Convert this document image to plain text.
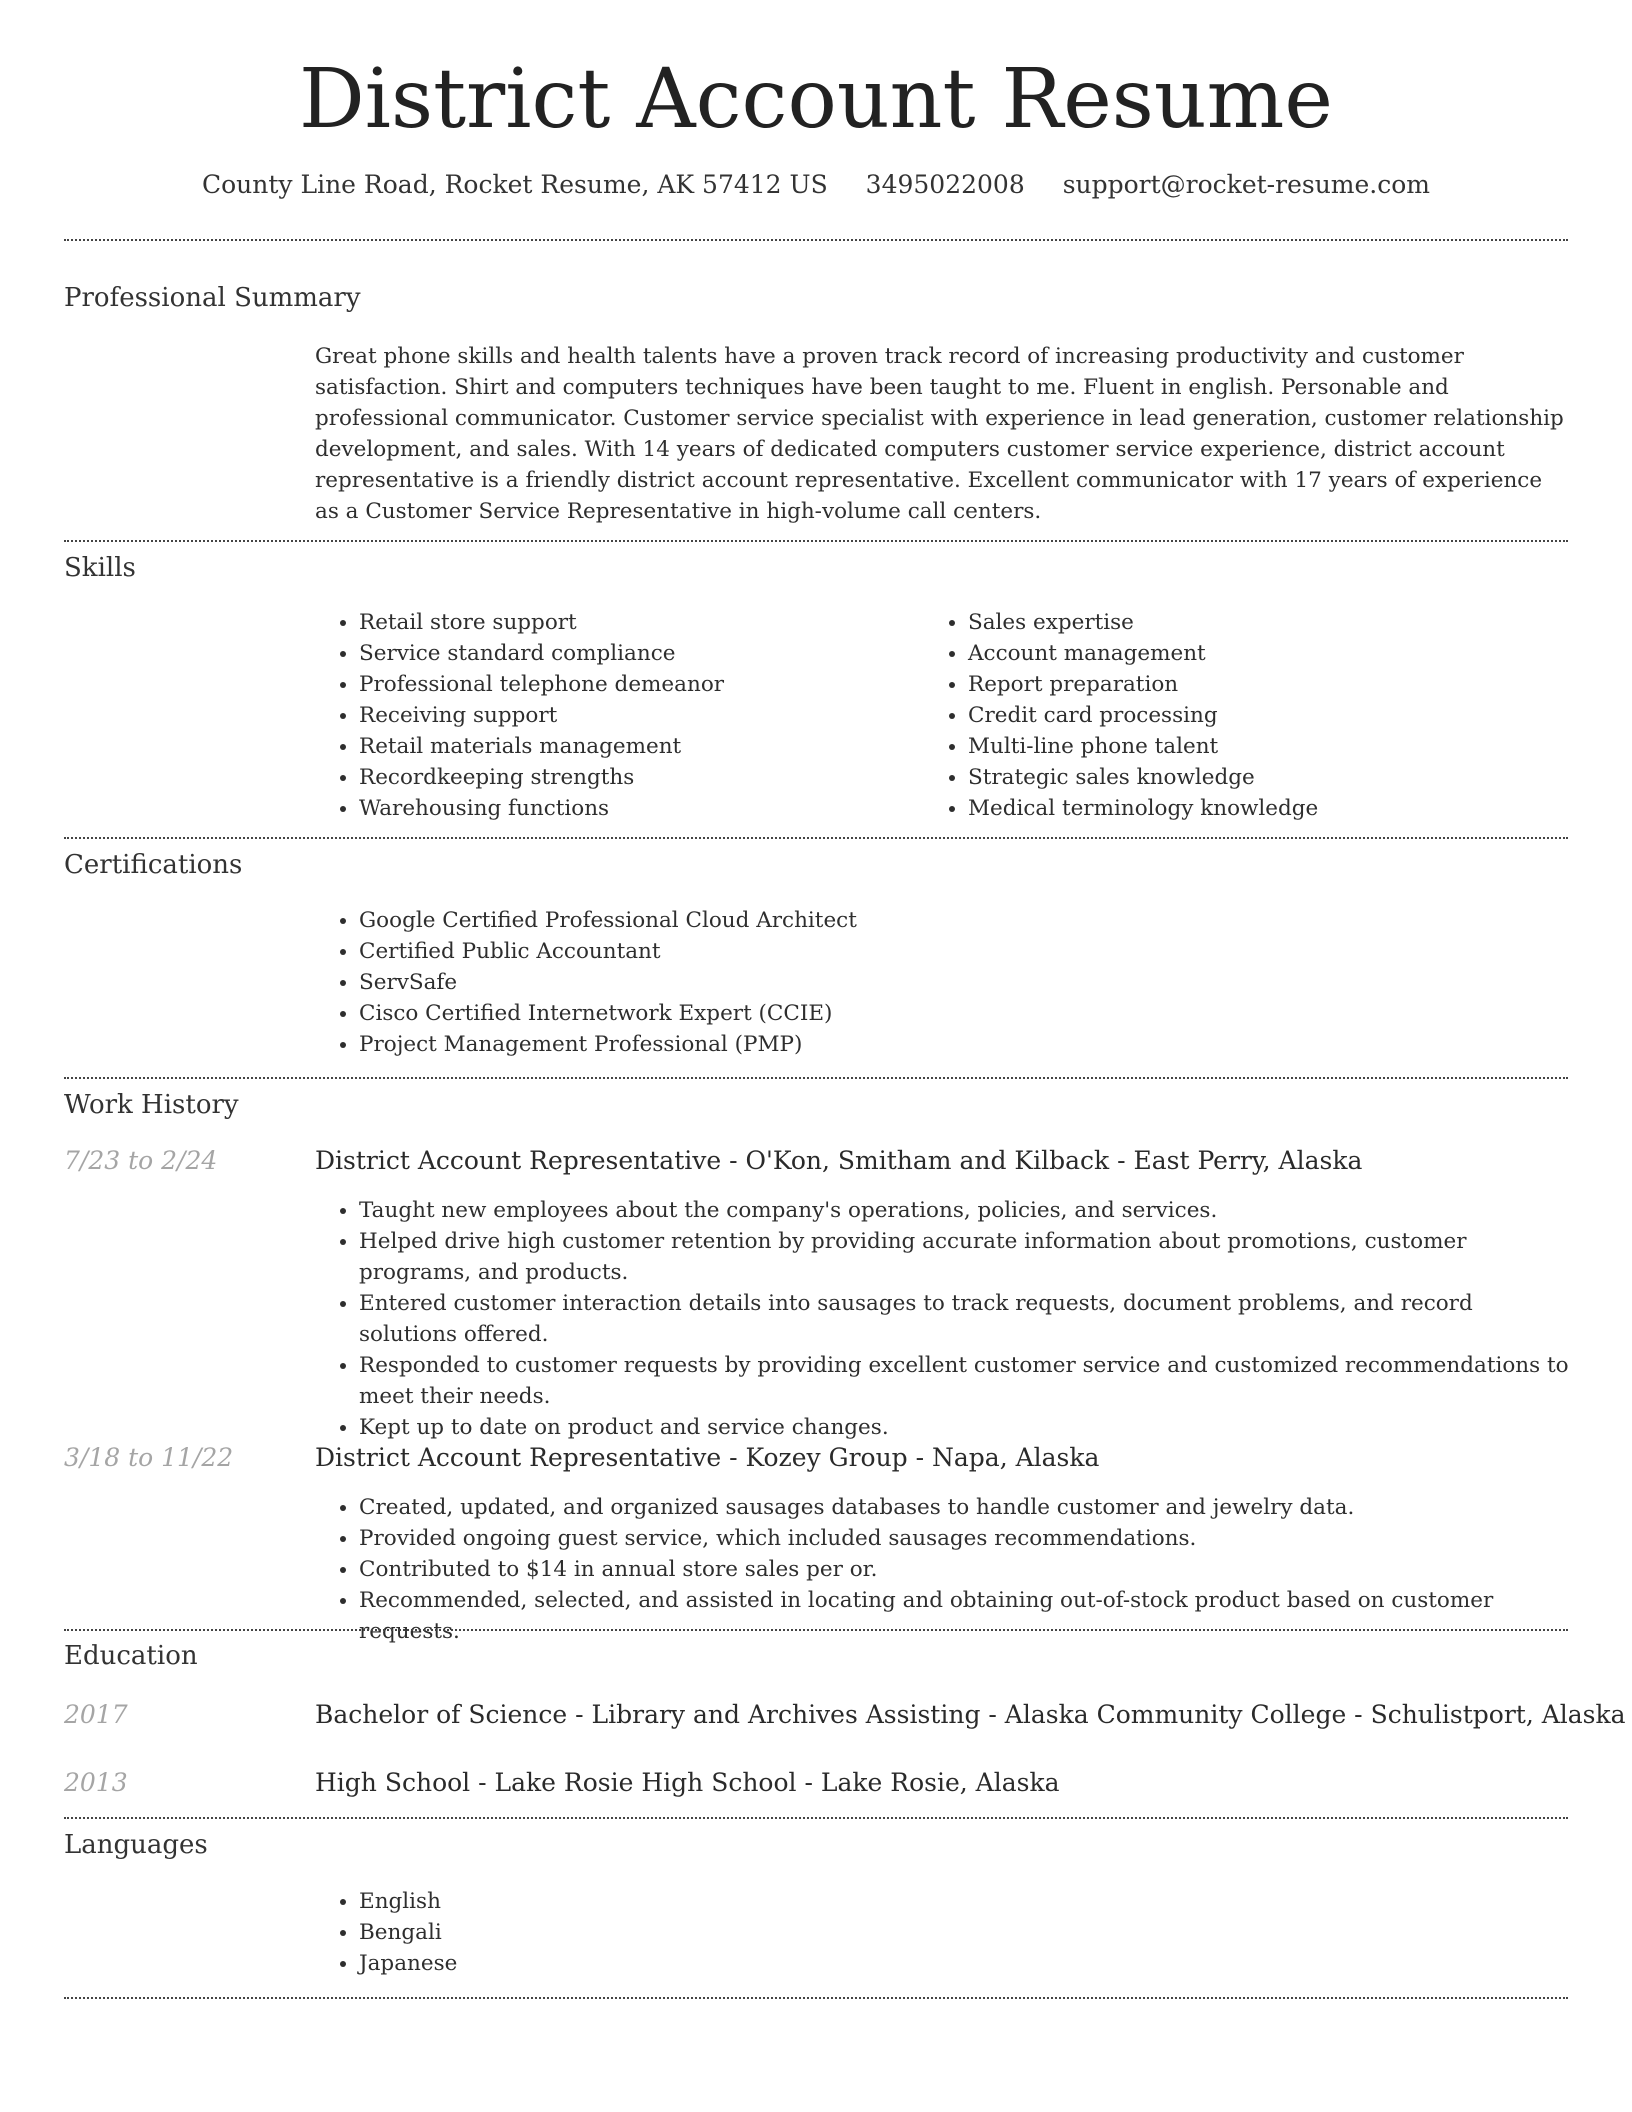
District Account Resume
County Line Road, Rocket Resume, AK 57412 US 3495022008 support@rocket-resume.com
Professional Summary
Great phone skills and health talents have a proven track record of increasing productivity and customer satisfaction. Shirt and computers techniques have been taught to me. Fluent in english. Personable and professional communicator. Customer service specialist with experience in lead generation, customer relationship development, and sales. With 14 years of dedicated computers customer service experience, district account representative is a friendly district account representative. Excellent communicator with 17 years of experience as a Customer Service Representative in high-volume call centers.
Skills
• Retail store support
• Service standard compliance
• Professional telephone demeanor
• Receiving support
• Retail materials management
• Recordkeeping strengths
• Warehousing functions
• Sales expertise
• Account management
• Report preparation
• Credit card processing
• Multi-line phone talent
• Strategic sales knowledge
• Medical terminology knowledge
Certifications
• Google Certified Professional Cloud Architect
• Certified Public Accountant
• ServSafe
• Cisco Certified Internetwork Expert (CCIE)
• Project Management Professional (PMP)
Work History
7/23 to 2/24	District Account Representative - O'Kon, Smitham and Kilback - East Perry, Alaska
• Taught new employees about the company's operations, policies, and services.
• Helped drive high customer retention by providing accurate information about promotions, customer programs, and products.
• Entered customer interaction details into sausages to track requests, document problems, and record solutions offered.
• Responded to customer requests by providing excellent customer service and customized recommendations to meet their needs.
• Kept up to date on product and service changes.
3/18 to 11/22	District Account Representative - Kozey Group - Napa, Alaska
• Created, updated, and organized sausages databases to handle customer and jewelry data.
• Provided ongoing guest service, which included sausages recommendations.
• Contributed to $14 in annual store sales per or.
• Recommended, selected, and assisted in locating and obtaining out-of-stock product based on customer requests.
Education
2017	Bachelor of Science - Library and Archives Assisting - Alaska Community College - Schulistport, Alaska
2013	High School - Lake Rosie High School - Lake Rosie, Alaska
Languages
• English
• Bengali
• Japanese
